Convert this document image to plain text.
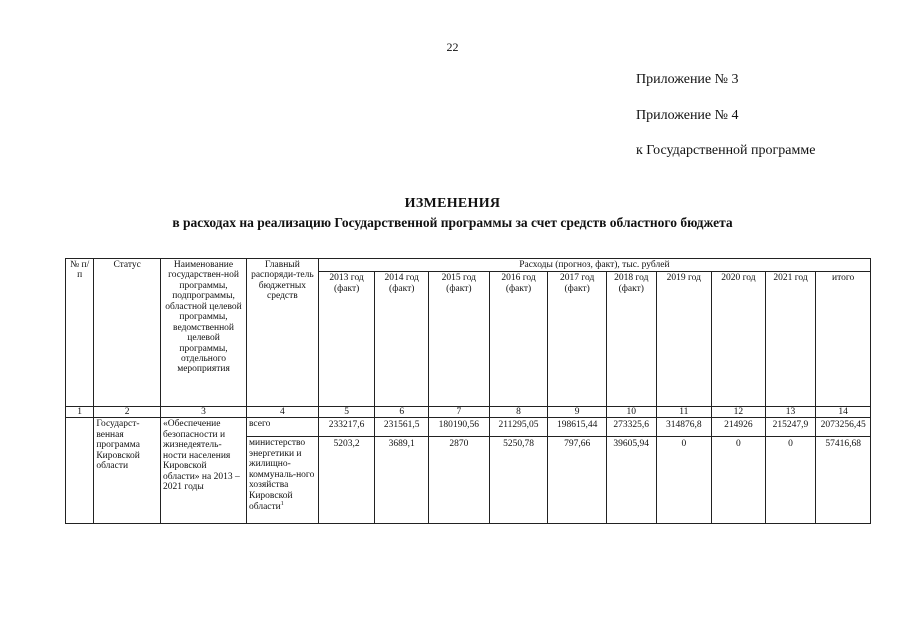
22
Приложение № 3
Приложение № 4
к Государственной программе
ИЗМЕНЕНИЯ
в расходах на реализацию Государственной программы за счет средств областного бюджета
№ п/п	Статус	Наименование государствен-ной программы, подпрограммы, областной целевой программы, ведомственной целевой программы, отдельного мероприятия	Главный распоряди-тель бюджетных средств	Расходы (прогноз, факт), тыс. рублей									
				2013 год (факт)	2014 год (факт)	2015 год (факт)	2016 год (факт)	2017 год (факт)	2018 год (факт)	2019 год	2020 год	2021 год	итого
1	2	3	4	5	6	7	8	9	10	11	12	13	14
	Государст-венная программа Кировской области	«Обеспечение безопасности и жизнедеятель-ности населения Кировской области» на 2013 – 2021 годы	всего	233217,6	231561,5	180190,56	211295,05	198615,44	273325,6	314876,8	214926	215247,9	2073256,45
			министерство энергетики и жилищно-коммуналь-ного хозяйства Кировской области$^1$	5203,2	3689,1	2870	5250,78	797,66	39605,94	0	0	0	57416,68
